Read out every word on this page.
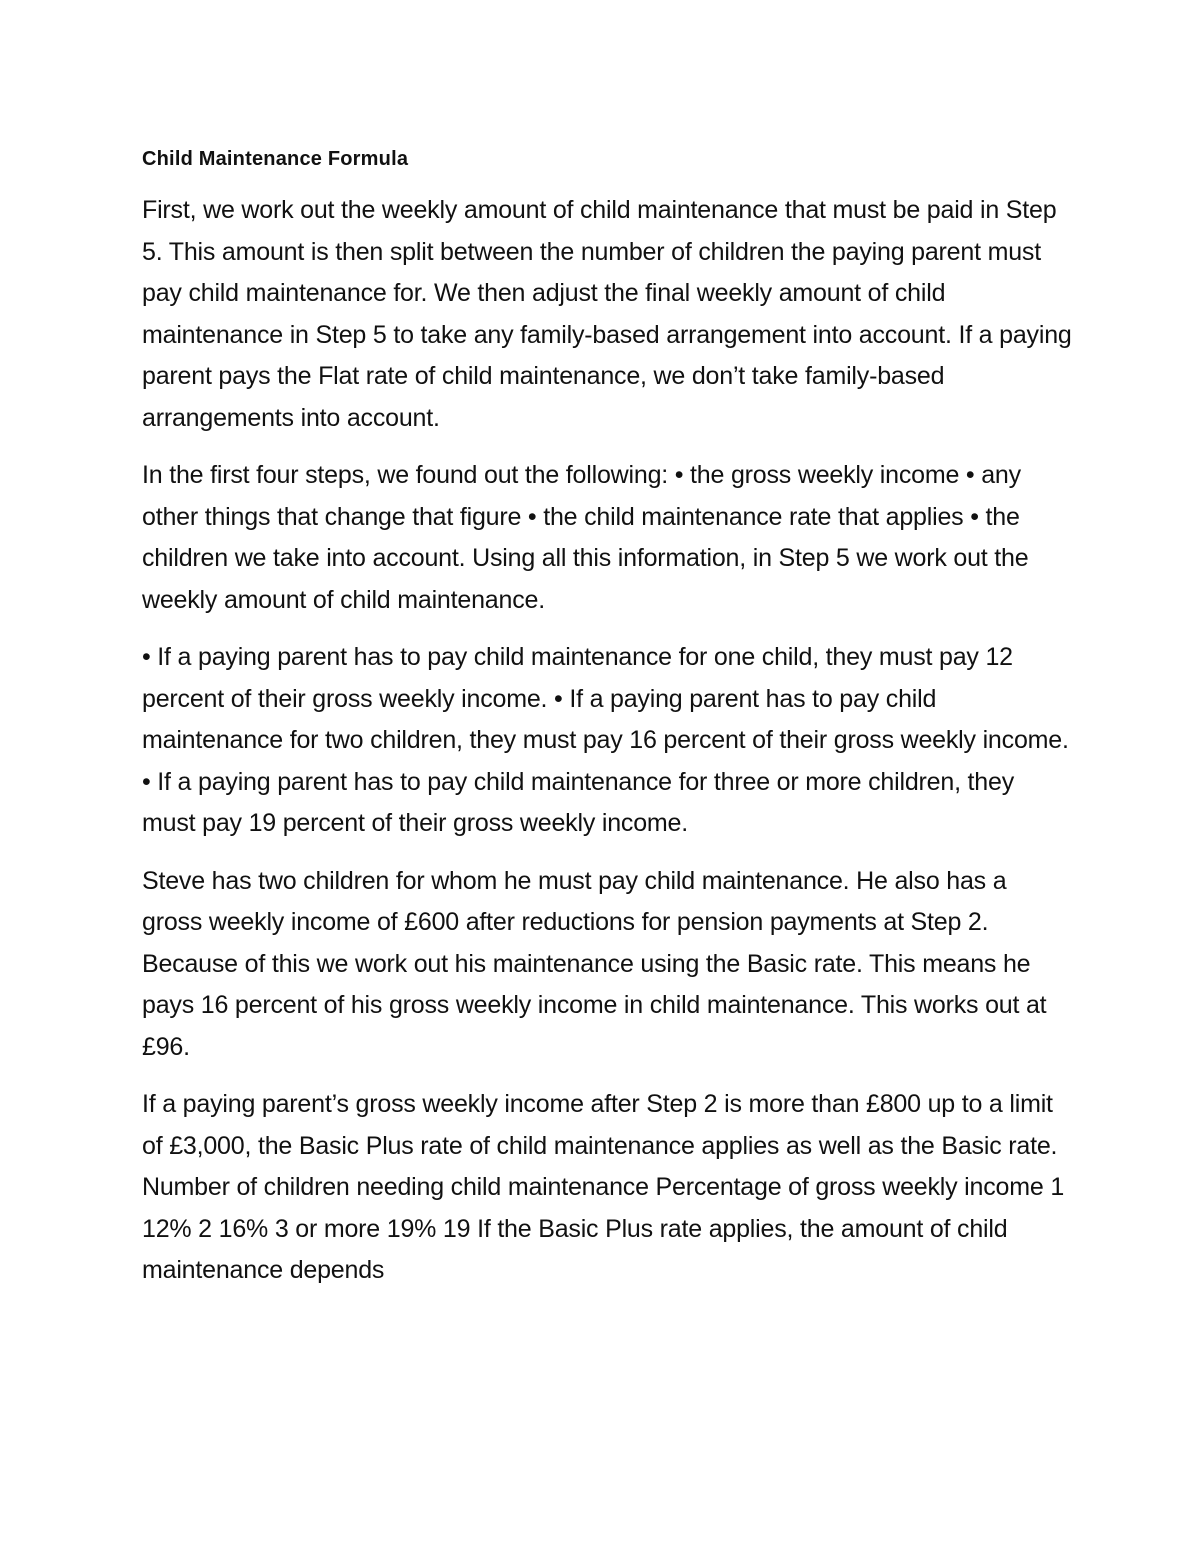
Child Maintenance Formula

First, we work out the weekly amount of child maintenance that must be paid in Step 5. This amount is then split between the number of children the paying parent must pay child maintenance for. We then adjust the final weekly amount of child maintenance in Step 5 to take any family-based arrangement into account. If a paying parent pays the Flat rate of child maintenance, we don’t take family-based arrangements into account.

In the first four steps, we found out the following: • the gross weekly income • any other things that change that figure • the child maintenance rate that applies • the children we take into account. Using all this information, in Step 5 we work out the weekly amount of child maintenance.

• If a paying parent has to pay child maintenance for one child, they must pay 12 percent of their gross weekly income. • If a paying parent has to pay child maintenance for two children, they must pay 16 percent of their gross weekly income. • If a paying parent has to pay child maintenance for three or more children, they must pay 19 percent of their gross weekly income.

Steve has two children for whom he must pay child maintenance. He also has a gross weekly income of £600 after reductions for pension payments at Step 2. Because of this we work out his maintenance using the Basic rate. This means he pays 16 percent of his gross weekly income in child maintenance. This works out at £96.

If a paying parent’s gross weekly income after Step 2 is more than £800 up to a limit of £3,000, the Basic Plus rate of child maintenance applies as well as the Basic rate. Number of children needing child maintenance Percentage of gross weekly income 1 12% 2 16% 3 or more 19% 19 If the Basic Plus rate applies, the amount of child maintenance depends
